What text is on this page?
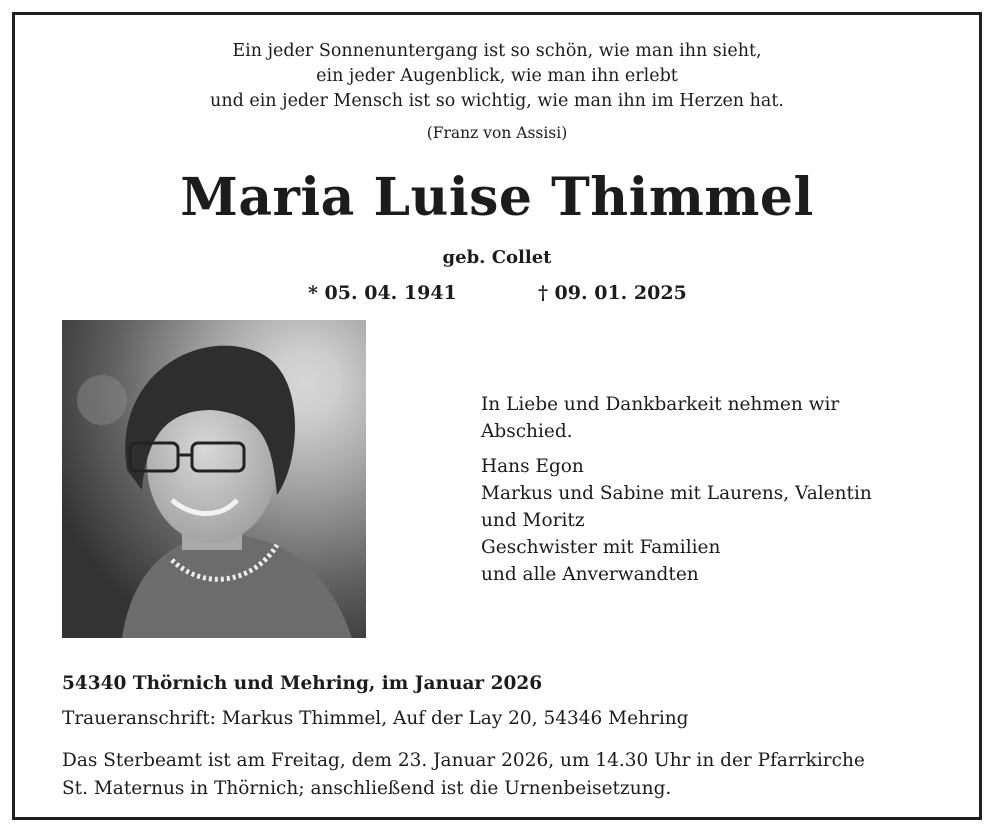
Ein jeder Sonnenuntergang ist so schön, wie man ihn sieht,
ein jeder Augenblick, wie man ihn erlebt
und ein jeder Mensch ist so wichtig, wie man ihn im Herzen hat.
(Franz von Assisi)
Maria Luise Thimmel
geb. Collet
* 05. 04. 1941	† 09. 01. 2025
In Liebe und Dankbarkeit nehmen wir
Abschied.
Hans Egon
Markus und Sabine mit Laurens, Valentin
und Moritz
Geschwister mit Familien
und alle Anverwandten
54340 Thörnich und Mehring, im Januar 2026
Traueranschrift: Markus Thimmel, Auf der Lay 20, 54346 Mehring
Das Sterbeamt ist am Freitag, dem 23. Januar 2026, um 14.30 Uhr in der Pfarrkirche
St. Maternus in Thörnich; anschließend ist die Urnenbeisetzung.
